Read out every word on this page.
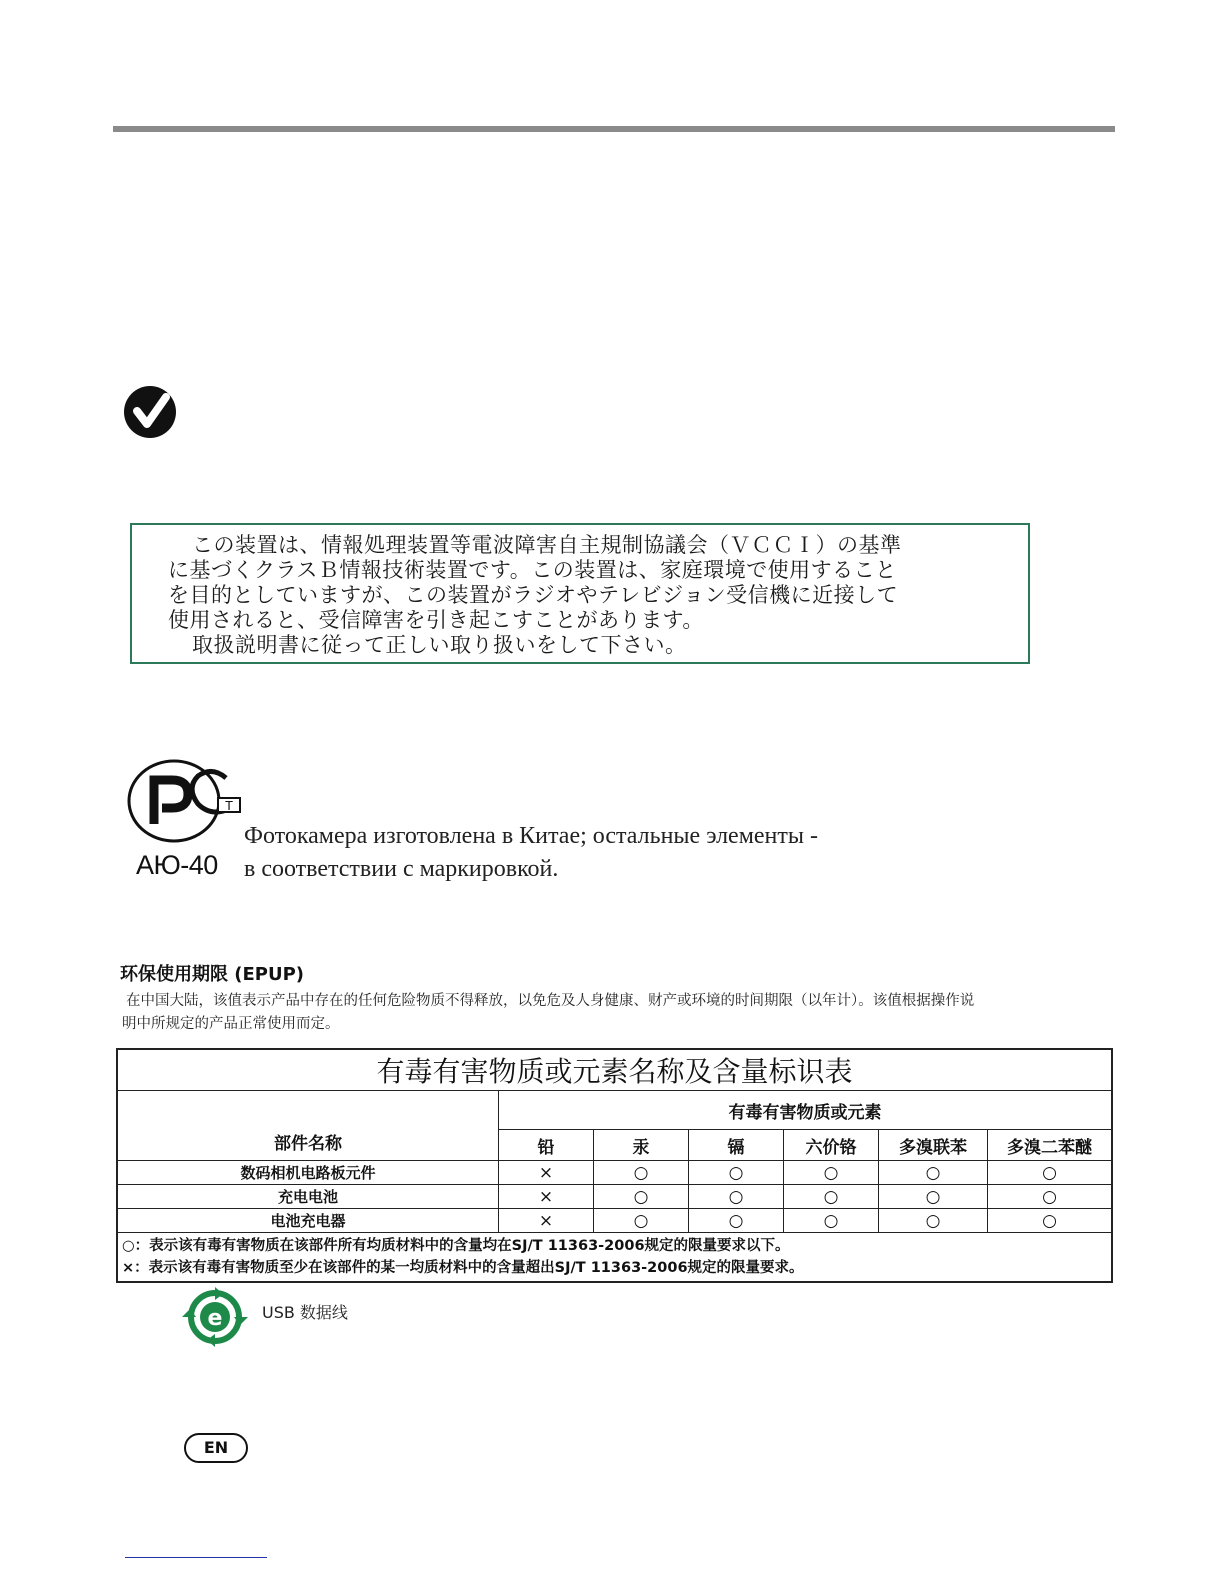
この装置は、情報処理装置等電波障害自主規制協議会（ＶＣＣＩ）の基準
に基づくクラスＢ情報技術装置です。この装置は、家庭環境で使用すること
を目的としていますが、この装置がラジオやテレビジョン受信機に近接して
使用されると、受信障害を引き起こすことがあります。
取扱説明書に従って正しい取り扱いをして下さい。
T
АЮ-40
Фотокамера изготовлена в Китае; остальные элементы -
в соответствии с маркировкой.
环保使用期限 (EPUP)
在中国大陆，该值表示产品中存在的任何危险物质不得释放，以免危及人身健康、财产或环境的时间期限（以年计）。该值根据操作说
明中所规定的产品正常使用而定。
有毒有害物质或元素名称及含量标识表						
部件名称	有毒有害物质或元素					
	铅	汞	镉	六价铬	多溴联苯	多溴二苯醚
数码相机电路板元件	×	○	○	○	○	○
充电电池	×	○	○	○	○	○
电池充电器	×	○	○	○	○	○

○：表示该有毒有害物质在该部件所有均质材料中的含量均在SJ/T 11363-2006规定的限量要求以下。
×：表示该有毒有害物质至少在该部件的某一均质材料中的含量超出SJ/T 11363-2006规定的限量要求。						
e USB 数据线
EN
